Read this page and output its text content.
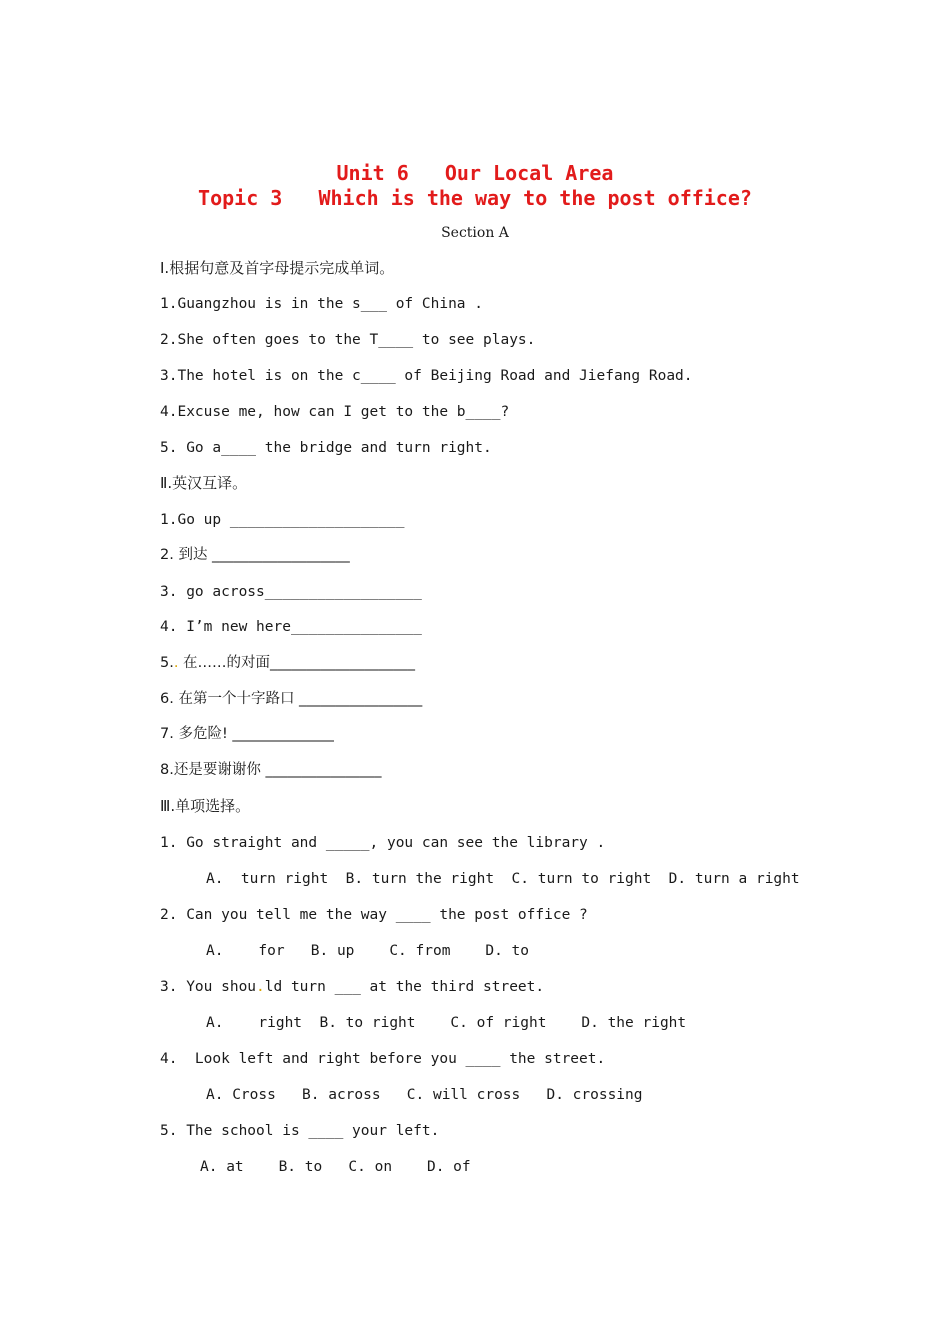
Unit 6   Our Local Area
Topic 3   Which is the way to the post office?
Section A
Ⅰ.根据句意及首字母提示完成单词。
1.Guangzhou is in the s___ of China .
2.She often goes to the T____ to see plays.
3.The hotel is on the c____ of Beijing Road and Jiefang Road.
4.Excuse me, how can I get to the b____?
5. Go a____ the bridge and turn right.
Ⅱ.英汉互译。
1.Go up ____________________
2. 到达 ___________________
3. go across__________________
4. I’m new here_______________
5.. 在……的对面____________________
6. 在第一个十字路口 _________________
7. 多危险! ______________
8.还是要谢谢你 ________________
Ⅲ.单项选择。
1. Go straight and _____, you can see the library .
A.  turn right  B. turn the right  C. turn to right  D. turn a right
2. Can you tell me the way ____ the post office ?
A.    for   B. up    C. from    D. to
3. You shou.ld turn ___ at the third street.
A.    right  B. to right    C. of right    D. the right
4.  Look left and right before you ____ the street.
A. Cross   B. across   C. will cross   D. crossing
5. The school is ____ your left.
A. at    B. to   C. on    D. of
